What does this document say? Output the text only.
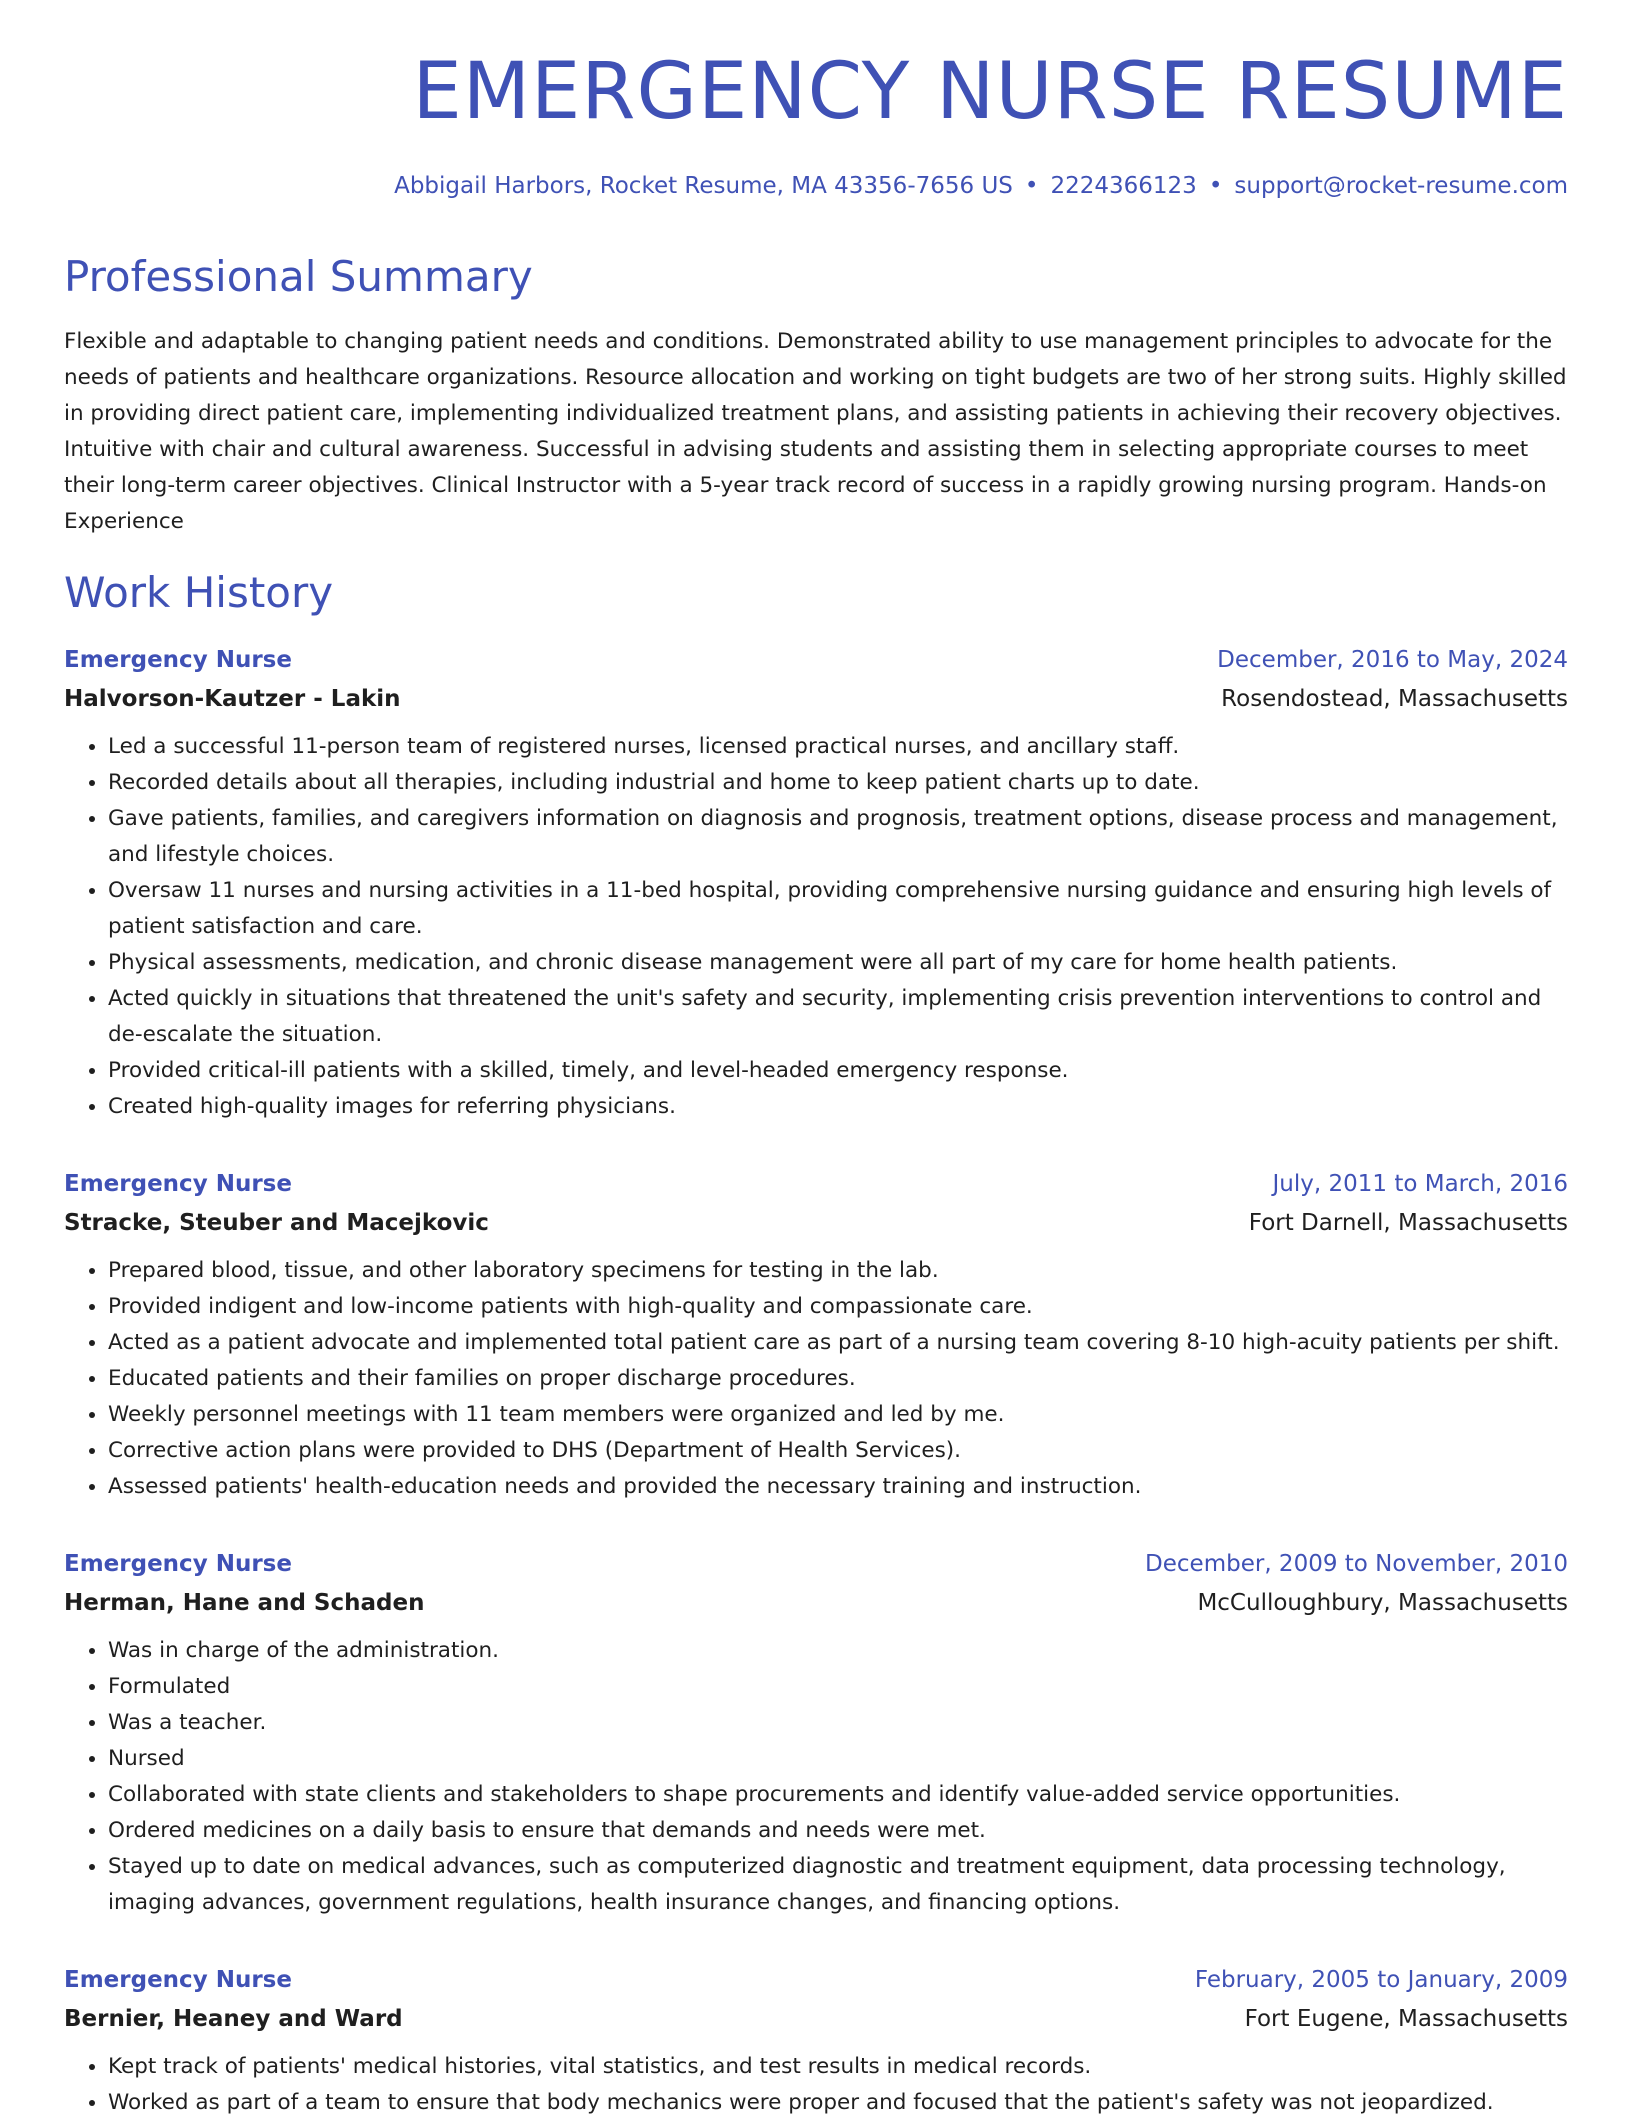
EMERGENCY NURSE RESUME
Abbigail Harbors, Rocket Resume, MA 43356-7656 US • 2224366123 • support@rocket-resume.com
Professional Summary

Flexible and adaptable to changing patient needs and conditions. Demonstrated ability to use management principles to advocate for the needs of patients and healthcare organizations. Resource allocation and working on tight budgets are two of her strong suits. Highly skilled in providing direct patient care, implementing individualized treatment plans, and assisting patients in achieving their recovery objectives. Intuitive with chair and cultural awareness. Successful in advising students and assisting them in selecting appropriate courses to meet their long-term career objectives. Clinical Instructor with a 5-year track record of success in a rapidly growing nursing program. Hands-on Experience

Work History
Emergency Nurse	December, 2016 to May, 2024
Halvorson-Kautzer - Lakin	Rosendostead, Massachusetts
• Led a successful 11-person team of registered nurses, licensed practical nurses, and ancillary staff.
• Recorded details about all therapies, including industrial and home to keep patient charts up to date.
• Gave patients, families, and caregivers information on diagnosis and prognosis, treatment options, disease process and management, and lifestyle choices.
• Oversaw 11 nurses and nursing activities in a 11-bed hospital, providing comprehensive nursing guidance and ensuring high levels of patient satisfaction and care.
• Physical assessments, medication, and chronic disease management were all part of my care for home health patients.
• Acted quickly in situations that threatened the unit's safety and security, implementing crisis prevention interventions to control and de-escalate the situation.
• Provided critical-ill patients with a skilled, timely, and level-headed emergency response.
• Created high-quality images for referring physicians.
Emergency Nurse	July, 2011 to March, 2016
Stracke, Steuber and Macejkovic	Fort Darnell, Massachusetts
• Prepared blood, tissue, and other laboratory specimens for testing in the lab.
• Provided indigent and low-income patients with high-quality and compassionate care.
• Acted as a patient advocate and implemented total patient care as part of a nursing team covering 8-10 high-acuity patients per shift.
• Educated patients and their families on proper discharge procedures.
• Weekly personnel meetings with 11 team members were organized and led by me.
• Corrective action plans were provided to DHS (Department of Health Services).
• Assessed patients' health-education needs and provided the necessary training and instruction.
Emergency Nurse	December, 2009 to November, 2010
Herman, Hane and Schaden	McCulloughbury, Massachusetts
• Was in charge of the administration.
• Formulated
• Was a teacher.
• Nursed
• Collaborated with state clients and stakeholders to shape procurements and identify value-added service opportunities.
• Ordered medicines on a daily basis to ensure that demands and needs were met.
• Stayed up to date on medical advances, such as computerized diagnostic and treatment equipment, data processing technology, imaging advances, government regulations, health insurance changes, and financing options.
Emergency Nurse	February, 2005 to January, 2009
Bernier, Heaney and Ward	Fort Eugene, Massachusetts
• Kept track of patients' medical histories, vital statistics, and test results in medical records.
• Worked as part of a team to ensure that body mechanics were proper and focused that the patient's safety was not jeopardized.
